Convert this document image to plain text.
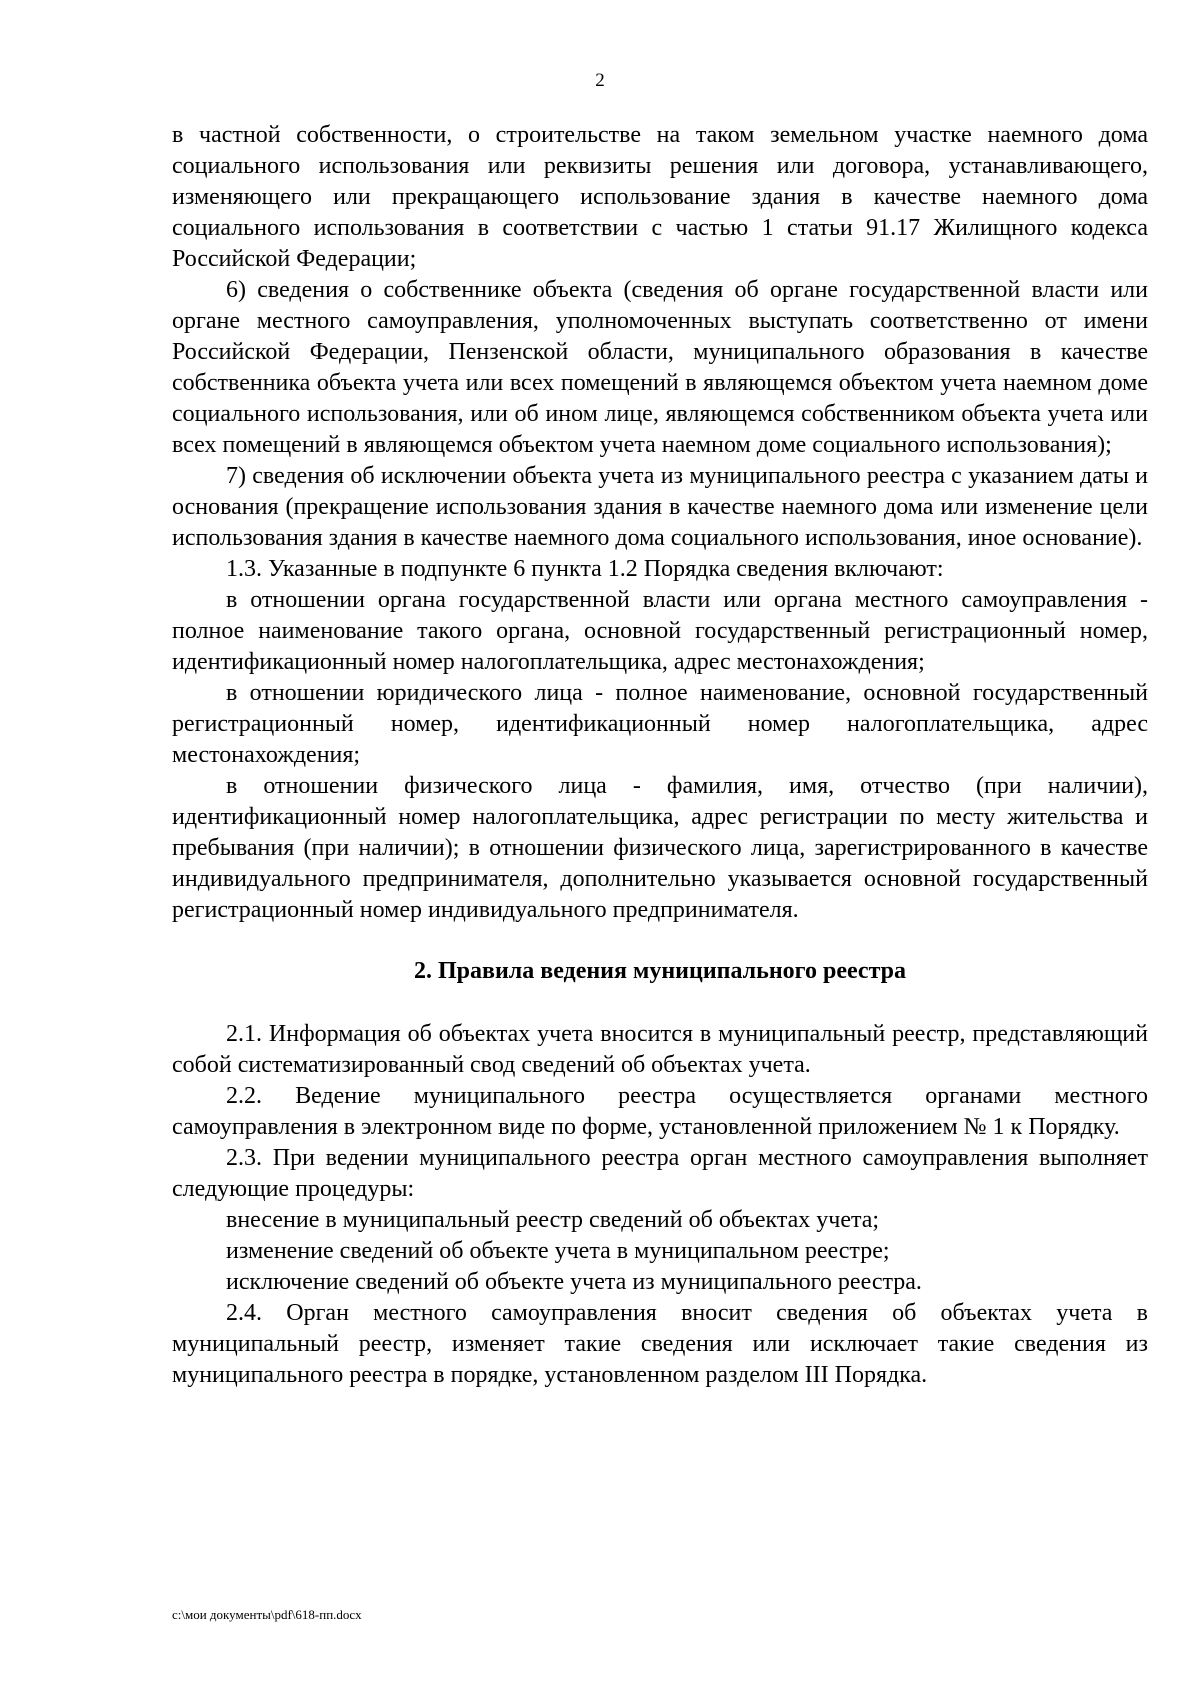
2

в частной собственности, о строительстве на таком земельном участке наемного дома социального использования или реквизиты решения или договора, устанавливающего, изменяющего или прекращающего использование здания в качестве наемного дома социального использования в соответствии с частью 1 статьи 91.17 Жилищного кодекса Российской Федерации;

6) сведения о собственнике объекта (сведения об органе государственной власти или органе местного самоуправления, уполномоченных выступать соответственно от имени Российской Федерации, Пензенской области, муниципального образования в качестве собственника объекта учета или всех помещений в являющемся объектом учета наемном доме социального использования, или об ином лице, являющемся собственником объекта учета или всех помещений в являющемся объектом учета наемном доме социального использования);

7) сведения об исключении объекта учета из муниципального реестра с указанием даты и основания (прекращение использования здания в качестве наемного дома или изменение цели использования здания в качестве наемного дома социального использования, иное основание).

1.3. Указанные в подпункте 6 пункта 1.2 Порядка сведения включают:

в отношении органа государственной власти или органа местного самоуправления - полное наименование такого органа, основной государственный регистрационный номер, идентификационный номер налогоплательщика, адрес местонахождения;

в отношении юридического лица - полное наименование, основной государственный регистрационный номер, идентификационный номер налогоплательщика, адрес местонахождения;

в отношении физического лица - фамилия, имя, отчество (при наличии), идентификационный номер налогоплательщика, адрес регистрации по месту жительства и пребывания (при наличии); в отношении физического лица, зарегистрированного в качестве индивидуального предпринимателя, дополнительно указывается основной государственный регистрационный номер индивидуального предпринимателя.

2. Правила ведения муниципального реестра

2.1. Информация об объектах учета вносится в муниципальный реестр, представляющий собой систематизированный свод сведений об объектах учета.

2.2. Ведение муниципального реестра осуществляется органами местного самоуправления в электронном виде по форме, установленной приложением № 1 к Порядку.

2.3. При ведении муниципального реестра орган местного самоуправления выполняет следующие процедуры:

внесение в муниципальный реестр сведений об объектах учета;

изменение сведений об объекте учета в муниципальном реестре;

исключение сведений об объекте учета из муниципального реестра.

2.4. Орган местного самоуправления вносит сведения об объектах учета в муниципальный реестр, изменяет такие сведения или исключает такие сведения из муниципального реестра в порядке, установленном разделом III Порядка.

c:\мои документы\pdf\618-пп.docx
